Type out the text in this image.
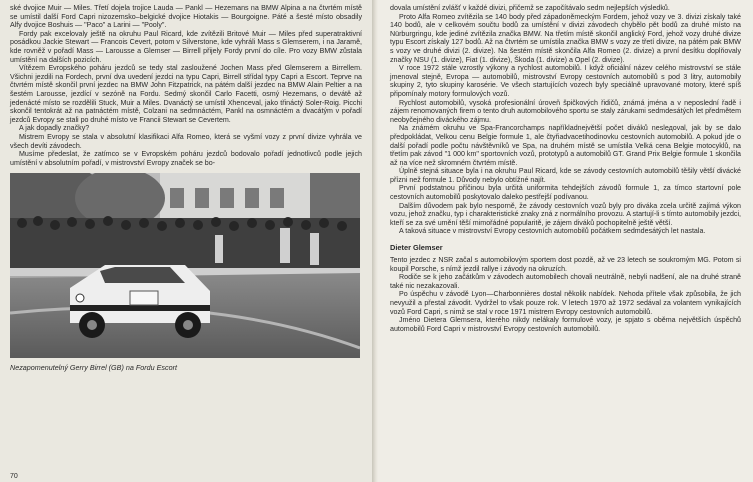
ské dvojice Muir — Miles. Třetí dojela trojice Lauda — Pankl — Hezemans na BMW Alpina a na čtvrtém místě se umístil další Ford Capri nizozemsko–belgické dvojice Hiotakis — Bourgoigne. Páté a šesté místo obsadily Alfy dvojice Boshuis — "Paco" a Larini — "Pooly".

Fordy pak excelovaly ještě na okruhu Paul Ricard, kde zvítězili Britové Muir — Miles před superatraktivní posádkou Jackie Stewart — Francois Cevert, potom v Silverstone, kde vyhráli Mass s Glemserem, i na Jaramě, kde rovněž v pořadí Mass — Larousse a Glemser — Birrell přijely Fordy první do cíle. Pro vozy BMW zůstala umístění na dalších pozicích.

Vítězem Evropského poháru jezdců se tedy stal zasloužené Jochen Mass před Glemserem a Birrellem. Všichni jezdili na Fordech, první dva uvedení jezdci na typu Capri, Birrell střídal typy Capri a Escort. Teprve na čtvrtém místě skončil první jezdec na BMW John Fitzpatrick, na pátém další jezdec na BMW Alain Peltier a na šestém Larousse, jezdící v sezóně na Fordu. Sedmý skončil Carlo Facetti, osmý Hezemans, o devátě až jedenácté místo se rozdělili Stuck, Muir a Miles. Dvanáctý se umístil Xhenceval, jako třináctý Soler-Roig. Picchi skončil tentokrát až na patnáctém místě, Colzani na sedmnáctém, Pankl na osmnáctém a dvacátým v pořadí jezdců Evropy se stali po druhé místo ve Francii Stewart se Cevertem.

A jak dopadly značky?

Mistrem Evropy se stala v absolutní klasifikaci Alfa Romeo, která se vyšmí vozy z první divize vyhrála ve všech devíti závodech.

Musíme předeslat, že zatímco se v Evropském poháru jezdců bodovalo pořadí jednotlivců podle jejich umístění v absolutním pořadí, v mistrovství Evropy značek se bo-

Nezapomenutelný Gerry Birrel (GB) na Fordu Escort
70

dovala umístění zvlášť v každé divizi, přičemž se započítávalo sedm nejlepších výsledků.

Proto Alfa Romeo zvítězila se 140 body před západoněmeckým Fordem, jehož vozy ve 3. divizi získaly také 140 bodů, ale v celkovém součtu bodů za umístění v divizi závodech chybělo pět bodů za druhé místo na Nürburgringu, kde jediné zvítězila značka BMW. Na třetím místě skončil anglický Ford, jehož vozy druhé divize typu Escort získaly 127 bodů. Až na čtvrtém se umístila značka BMW s vozy ze třetí divize, na pátém pak BMW s vozy ve druhé divizi (2. divize). Na šestém místě skončila Alfa Romeo (2. divize) a první desítku doplňovaly značky NSU (1. divize), Fiat (1. divize), Škoda (1. divize) a Opel (2. divize).

V roce 1972 stále vzrostly výkony a rychlost automobilů. I když oficiální název celého mistrovství se stále jmenoval stejně, Evropa — automobilů, mistrovství Evropy cestovních automobilů s pod 3 litry, automobily skupiny 2, tyto skupiny karosérie. Ve všech startujících vozech byly speciálně upravované motory, které spíš připomínaly motory formulových vozů.

Rychlost automobilů, vysoká profesionální úroveň špičkových řidičů, známá jména a v neposlední řadě i zájem renomovaných firem o tento druh automobilového sportu se staly zárukami sedmdesátých let předmětem neobyčejného diváckého zájmu.

Na známém okruhu ve Spa-Francorchamps napříkladnejvětší počet diváků neslедoval, jak by se dalo předpokládat, Velkou cenu Belgie formule 1, ale čtyřiadvacetihodinovku cestovních automobilů. A pokud jde o další pořadí podle počtu návštěvníků ve Spa, na druhém místě se umístila Velká cena Belgie motocyklů, na třetím pak závod "1 000 km" sportovních vozů, prototypů a automobilů GT. Grand Prix Belgie formule 1 skončila až na více než skromném čtvrtém místě.

Úplně stejná situace byla i na okruhu Paul Ricard, kde se závody cestovních automobilů těšily větší divácké přízni než formule 1. Důvody nebylo obtížné najít.

První podstatnou příčinou byla určitá uniformita tehdejších závodů formule 1, za tímco startovní pole cestovních automobilů poskytovalo daleko pestřejší podívanou.

Dalším důvodem pak bylo nesporně, že závody cestovních vozů byly pro diváka zcela určitě zajímá výkon vozu, jehož značku, typ i charakteristické znaky zná z normálního provozu. A startují-li s tímto automobily jezdci, kteří se za své umění těší mimořádné popularitě, je zájem diváků pochopitelně ještě větší.

A taková situace v mistrovství Evropy cestovních automobilů počátkem sedmdesátých let nastala.

Dieter Glemser

Tento jezdec z NSR začal s automobilovým sportem dost pozdě, až ve 23 letech se soukromým MG. Potom si koupil Porsche, s nímž jezdil rallye i závody na okruzích.

Rodiče se k jeho začátkům v závodech automobilech chovali neutrálně, nebyli nadšení, ale na druhé straně také nic nezakazovali.

Po úspěchu v závodě Lyon—Charbonnières dostal několik nabídek. Nehoda přítele však způsobila, že jich nevyužil a přestal závodit. Vydržel to však pouze rok. V letech 1970 až 1972 sedával za volantem vynikajících vozů Ford Capri, s nimž se stal v roce 1971 mistrem Evropy cestovních automobilů.

Jméno Dietera Glemsera, kterého nikdy nelákaly formulové vozy, je spjato s oběma největších úspěchů automobilů Ford Capri v mistrovství Evropy cestovních automobilů.
